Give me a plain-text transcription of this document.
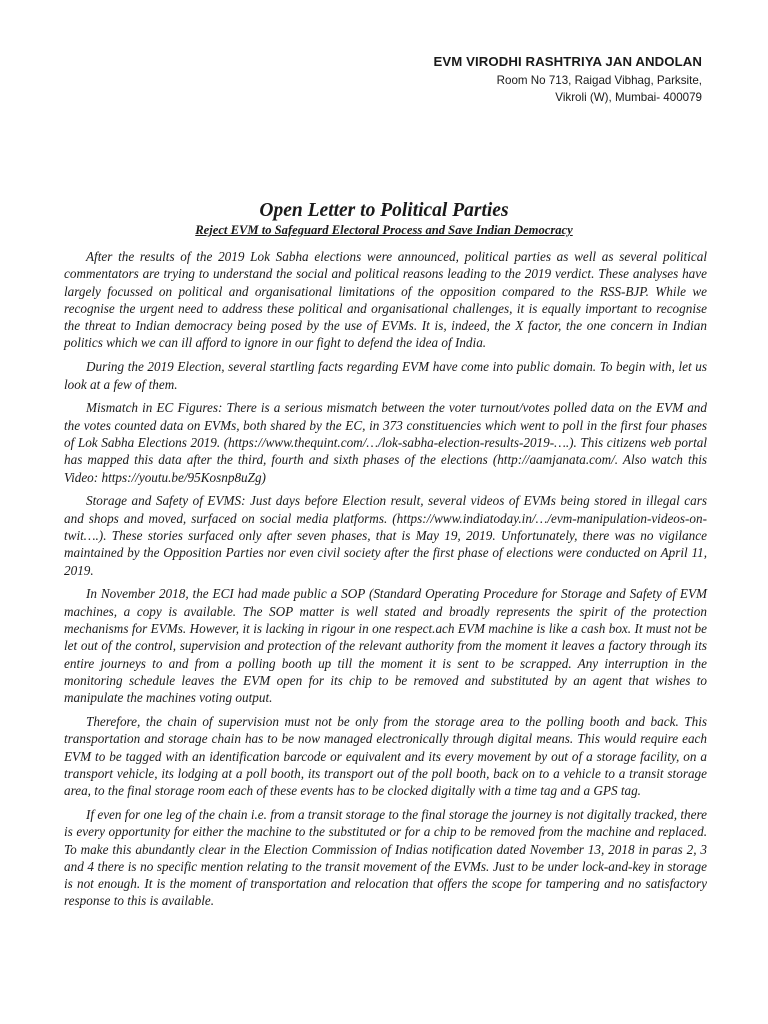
EVM VIRODHI RASHTRIYA JAN ANDOLAN
Room No 713, Raigad Vibhag, Parksite,
Vikroli (W), Mumbai- 400079
Open Letter to Political Parties
Reject EVM to Safeguard Electoral Process and Save Indian Democracy

After the results of the 2019 Lok Sabha elections were announced, political parties as well as several political commentators are trying to understand the social and political reasons leading to the 2019 verdict. These analyses have largely focussed on political and organisational limitations of the opposition compared to the RSS-BJP. While we recognise the urgent need to address these political and organisational challenges, it is equally important to recognise the threat to Indian democracy being posed by the use of EVMs. It is, indeed, the X factor, the one concern in Indian politics which we can ill afford to ignore in our fight to defend the idea of India.

During the 2019 Election, several startling facts regarding EVM have come into public domain. To begin with, let us look at a few of them.

Mismatch in EC Figures: There is a serious mismatch between the voter turnout/votes polled data on the EVM and the votes counted data on EVMs, both shared by the EC, in 373 constituencies which went to poll in the first four phases of Lok Sabha Elections 2019. (https://www.thequint.com/…/lok-sabha-election-results-2019-….). This citizens web portal has mapped this data after the third, fourth and sixth phases of the elections (http://aamjanata.com/. Also watch this Video: https://youtu.be/95Kosnp8uZg)

Storage and Safety of EVMS: Just days before Election result, several videos of EVMs being stored in illegal cars and shops and moved, surfaced on social media platforms. (https://www.indiatoday.in/…/evm-manipulation-videos-on-twit….). These stories surfaced only after seven phases, that is May 19, 2019. Unfortunately, there was no vigilance maintained by the Opposition Parties nor even civil society after the first phase of elections were conducted on April 11, 2019.

In November 2018, the ECI had made public a SOP (Standard Operating Procedure for Storage and Safety of EVM machines, a copy is available. The SOP matter is well stated and broadly represents the spirit of the protection mechanisms for EVMs. However, it is lacking in rigour in one respect.ach EVM machine is like a cash box. It must not be let out of the control, supervision and protection of the relevant authority from the moment it leaves a factory through its entire journeys to and from a polling booth up till the moment it is sent to be scrapped. Any interruption in the monitoring schedule leaves the EVM open for its chip to be removed and substituted by an agent that wishes to manipulate the machines voting output.

Therefore, the chain of supervision must not be only from the storage area to the polling booth and back. This transportation and storage chain has to be now managed electronically through digital means. This would require each EVM to be tagged with an identification barcode or equivalent and its every movement by out of a storage facility, on a transport vehicle, its lodging at a poll booth, its transport out of the poll booth, back on to a vehicle to a transit storage area, to the final storage room each of these events has to be clocked digitally with a time tag and a GPS tag.

If even for one leg of the chain i.e. from a transit storage to the final storage the journey is not digitally tracked, there is every opportunity for either the machine to the substituted or for a chip to be removed from the machine and replaced. To make this abundantly clear in the Election Commission of Indias notification dated November 13, 2018 in paras 2, 3 and 4 there is no specific mention relating to the transit movement of the EVMs. Just to be under lock-and-key in storage is not enough. It is the moment of transportation and relocation that offers the scope for tampering and no satisfactory response to this is available.
